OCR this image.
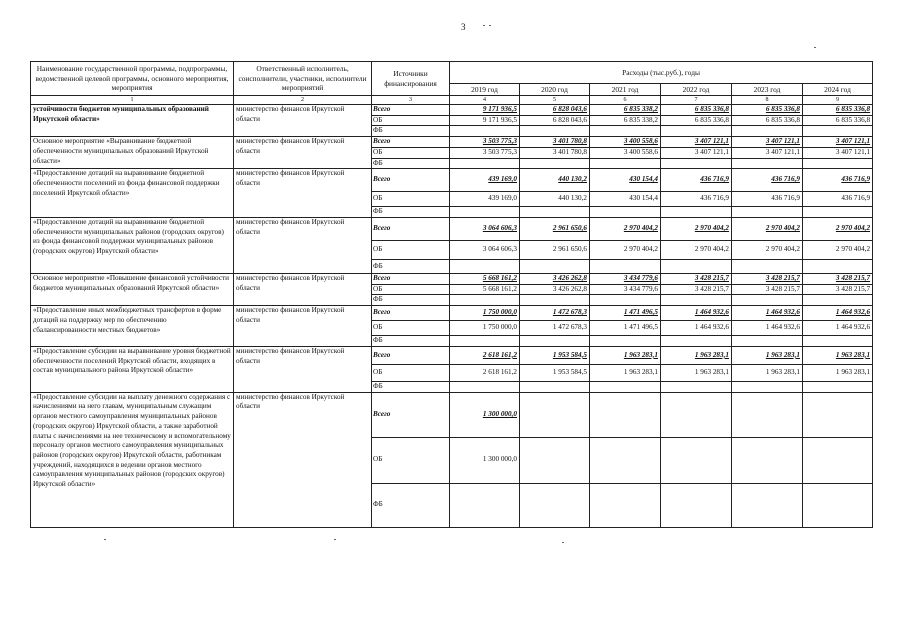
3
Наименование государственной программы, подпрограммы, ведомственной целевой программы, основного мероприятия, мероприятия	Ответственный исполнитель, соисполнители, участники, исполнители мероприятий	Источники финансирования	Расходы (тыс.руб.), годы					
			2019 год	2020 год	2021 год	2022 год	2023 год	2024 год
1	2	3	4	5	6	7	8	9
устойчивости бюджетов муниципальных образований Иркутской области»	министерство финансов Иркутской области	Всего	9 171 936,5	6 828 043,6	6 835 338,2	6 835 336,8	6 835 336,8	6 835 336,8
		ОБ	9 171 936,5	6 828 043,6	6 835 338,2	6 835 336,8	6 835 336,8	6 835 336,8
		ФБ						
Основное мероприятие «Выравнивание бюджетной обеспеченности муниципальных образований Иркутской области»	министерство финансов Иркутской области	Всего	3 503 775,3	3 401 780,8	3 400 558,6	3 407 121,1	3 407 121,1	3 407 121,1
		ОБ	3 503 775,3	3 401 780,8	3 400 558,6	3 407 121,1	3 407 121,1	3 407 121,1
		ФБ						
«Предоставление дотаций на выравнивание бюджетной обеспеченности поселений из фонда финансовой поддержки поселений Иркутской области»	министерство финансов Иркутской области	Всего	439 169,0	440 130,2	430 154,4	436 716,9	436 716,9	436 716,9
		ОБ	439 169,0	440 130,2	430 154,4	436 716,9	436 716,9	436 716,9
		ФБ						
«Предоставление дотаций на выравнивание бюджетной обеспеченности муниципальных районов (городских округов) из фонда финансовой поддержки муниципальных районов (городских округов) Иркутской области»	министерство финансов Иркутской области	Всего	3 064 606,3	2 961 650,6	2 970 404,2	2 970 404,2	2 970 404,2	2 970 404,2
		ОБ	3 064 606,3	2 961 650,6	2 970 404,2	2 970 404,2	2 970 404,2	2 970 404,2
		ФБ						
Основное мероприятие «Повышение финансовой устойчивости бюджетов муниципальных образований Иркутской области»	министерство финансов Иркутской области	Всего	5 668 161,2	3 426 262,8	3 434 779,6	3 428 215,7	3 428 215,7	3 428 215,7
		ОБ	5 668 161,2	3 426 262,8	3 434 779,6	3 428 215,7	3 428 215,7	3 428 215,7
		ФБ						
«Предоставление иных межбюджетных трансфертов в форме дотаций на поддержку мер по обеспечению сбалансированности местных бюджетов»	министерство финансов Иркутской области	Всего	1 750 000,0	1 472 678,3	1 471 496,5	1 464 932,6	1 464 932,6	1 464 932,6
		ОБ	1 750 000,0	1 472 678,3	1 471 496,5	1 464 932,6	1 464 932,6	1 464 932,6
		ФБ						
«Предоставление субсидии на выравнивание уровня бюджетной обеспеченности поселений Иркутской области, входящих в состав муниципального района Иркутской области»	министерство финансов Иркутской области	Всего	2 618 161,2	1 953 584,5	1 963 283,1	1 963 283,1	1 963 283,1	1 963 283,1
		ОБ	2 618 161,2	1 953 584,5	1 963 283,1	1 963 283,1	1 963 283,1	1 963 283,1
		ФБ						
«Предоставление субсидии на выплату денежного содержания с начислениями на него главам, муниципальным служащим органов местного самоуправления муниципальных районов (городских округов) Иркутской области, а также заработной платы с начислениями на нее техническому и вспомогательному персоналу органов местного самоуправления муниципальных районов (городских округов) Иркутской области, работникам учреждений, находящихся в ведении органов местного самоуправления муниципальных районов (городских округов) Иркутской области»	министерство финансов Иркутской области	Всего	1 300 000,0					
		ОБ	1 300 000,0					
		ФБ						
